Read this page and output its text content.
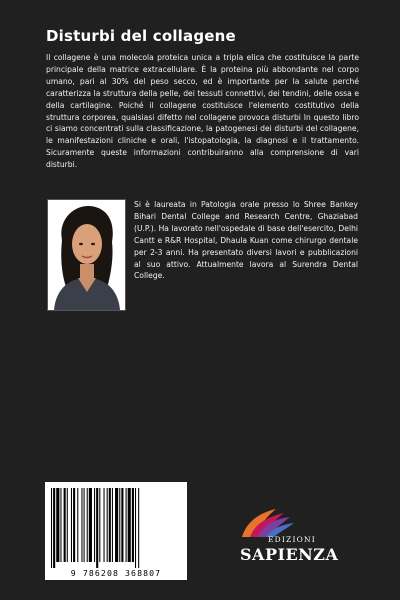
Disturbi del collagene

Il collagene è una molecola proteica unica a tripla elica che costituisce la parte principale della matrice extracellulare. È la proteina più abbondante nel corpo umano, pari al 30% del peso secco, ed è importante per la salute perché caratterizza la struttura della pelle, dei tessuti connettivi, dei tendini, delle ossa e della cartilagine. Poiché il collagene costituisce l'elemento costitutivo della struttura corporea, qualsiasi difetto nel collagene provoca disturbi In questo libro ci siamo concentrati sulla classificazione, la patogenesi dei disturbi del collagene, le manifestazioni cliniche e orali, l'istopatologia, la diagnosi e il trattamento. Sicuramente queste informazioni contribuiranno alla comprensione di vari disturbi.

Si è laureata in Patologia orale presso lo Shree Bankey Bihari Dental College and Research Centre, Ghaziabad (U.P.). Ha lavorato nell'ospedale di base dell'esercito, Delhi Cantt e R&R Hospital, Dhaula Kuan come chirurgo dentale per 2-3 anni. Ha presentato diversi lavori e pubblicazioni al suo attivo. Attualmente lavora al Surendra Dental College.

9 786208 368807
EDIZIONI
SAPIENZA
